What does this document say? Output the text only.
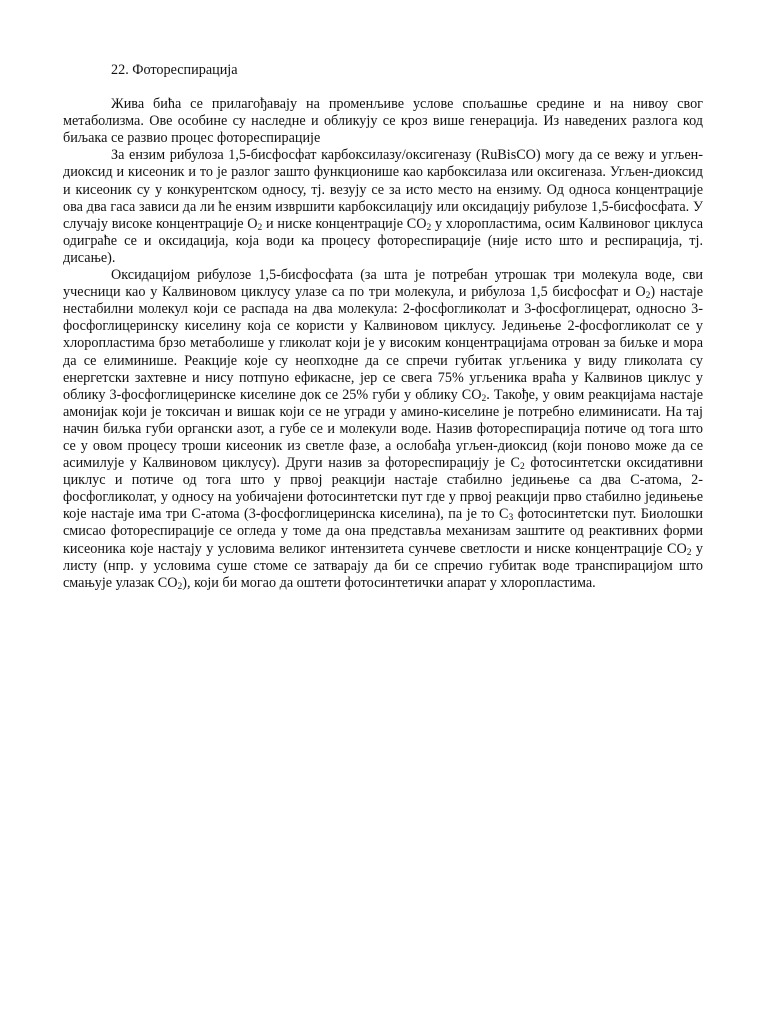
22. Фотореспирација

Жива бића се прилагођавају на променљиве услове спољашње средине и на нивоу свог метаболизма. Ове особине су наследне и обликују се кроз више генерација. Из наведених разлога код биљака се развио процес фотореспирације

За ензим рибулоза 1,5-бисфосфат карбоксилазу/оксигеназу (RuBisCO) могу да се вежу и угљен-диоксид и кисеоник и то је разлог зашто функционише као карбоксилаза или оксигеназа. Угљен-диоксид и кисеоник су у конкурентском односу, тј. везују се за исто место на ензиму. Од односа концентрације ова два гаса зависи да ли ће ензим извршити карбоксилацију или оксидацију рибулозе 1,5-бисфосфата. У случају високе концентрације $O_2$ и ниске концентрације $CO_2$ у хлоропластима, осим Калвиновог циклуса одиграће се и оксидација, која води ка процесу фотореспирације (није исто што и респирација, тј. дисање).

Оксидацијом рибулозе 1,5-бисфосфата (за шта је потребан утрошак три молекула воде, сви учесници као у Калвиновом циклусу улазе са по три молекула, и рибулоза 1,5 бисфосфат и $O_2$) настаје нестабилни молекул који се распада на два молекула: 2-фосфогликолат и 3-фосфоглицерат, односно 3-фосфоглицеринску киселину која се користи у Калвиновом циклусу. Једињење 2-фосфогликолат се у хлоропластима брзо метаболише у гликолат који је у високим концентрацијама отрован за биљке и мора да се елиминише. Реакције које су неопходне да се спречи губитак угљеника у виду гликолата су енергетски захтевне и нису потпуно ефикасне, јер се свега 75% угљеника враћа у Калвинов циклус у облику 3-фосфоглицеринске киселине док се 25% губи у облику $CO_2$. Такође, у овим реакцијама настаје амонијак који је токсичан и вишак који се не угради у амино-киселине је потребно елиминисати. На тај начин биљка губи органски азот, а губе се и молекули воде. Назив фотореспирација потиче од тога што се у овом процесу троши кисеоник из светле фазе, а ослобађа угљен-диоксид (који поново може да се асимилује у Калвиновом циклусу). Други назив за фотореспирацију је $C_2$ фотосинтетски оксидативни циклус и потиче од тога што у првој реакцији настаје стабилно једињење са два C-атома, 2-фосфогликолат, у односу на уобичајени фотосинтетски пут где у првој реакцији прво стабилно једињење које настаје има три C-атома (3-фосфоглицеринска киселина), па је то $C_3$ фотосинтетски пут. Биолошки смисао фотореспирације се огледа у томе да она представља механизам заштите од реактивних форми кисеоника које настају у условима великог интензитета сунчеве светлости и ниске концентрације $CO_2$ у листу (нпр. у условима суше стоме се затварају да би се спречио губитак воде транспирацијом што смањује улазак $CO_2$), који би могао да оштети фотосинтетички апарат у хлоропластима.
